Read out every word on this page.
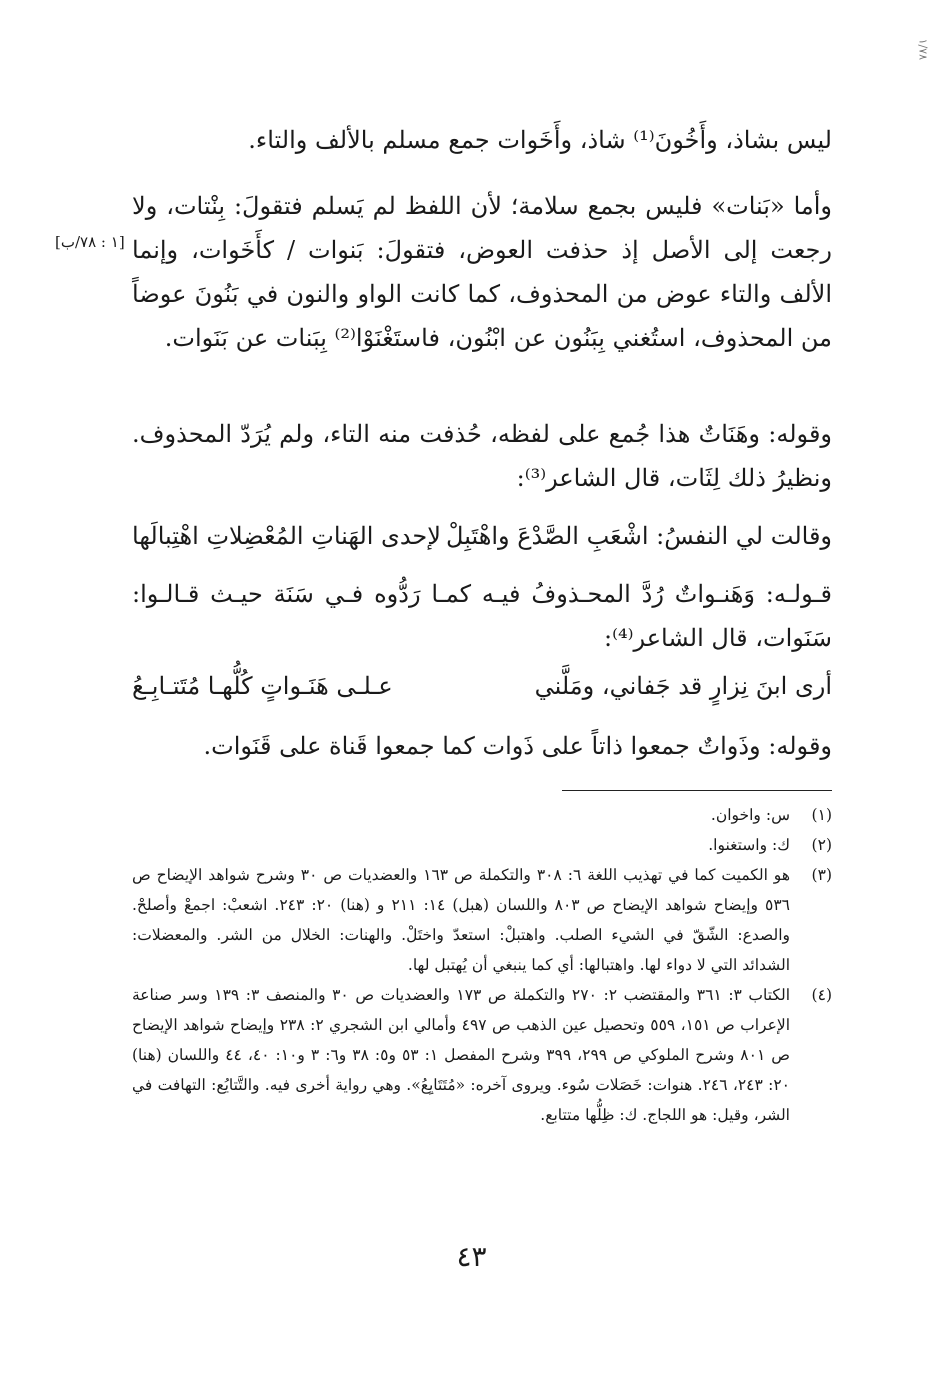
١/٧٨
[١ : ٧٨/ب]

ليس بشاذ، وأَخُونَ⁽¹⁾ شاذ، وأَخَوات جمع مسلم بالألف والتاء.

وأما «بَنات» فليس بجمع سلامة؛ لأن اللفظ لم يَسلم فتقولَ: بِنْتات، ولا رجعت إلى الأصل إذ حذفت العوض، فتقولَ: بَنوات / كأَخَوات، وإنما الألف والتاء عوض من المحذوف، كما كانت الواو والنون في بَنُونَ عوضاً من المحذوف، استُغني بِبَنُون عن ابْنُون، فاستَغْنَوْا⁽²⁾ بِبَنات عن بَنَوات.

وقوله: وهَنَاتٌ هذا جُمع على لفظه، حُذفت منه التاء، ولم يُرَدّ المحذوف. ونظيرُ ذلك لِثَات، قال الشاعر⁽³⁾:

وقالت لي النفسُ: اشْعَبِ الصَّدْعَ واهْتَبِلْ
لإحدى الهَناتِ المُعْضِلاتِ اهْتِبالَها

قـولـه: وَهَنـواتٌ رُدَّ المحـذوفُ فيـه كمـا رَدُّوه فـي سَنَة حيـث قـالـوا: سَنَوات، قال الشاعر⁽⁴⁾:

أرى ابنَ نِزارٍ قد جَفاني، ومَلَّني
عـلـى هَنَـواتٍ كُلُّهـا مُتَتـابِـعُ

وقوله: وذَواتٌ جمعوا ذاتاً على ذَوات كما جمعوا قَناة على قَنَوات.

(١)
س: واخوان.
(٢)
ك: واستغنوا.
(٣)
هو الكميت كما في تهذيب اللغة ٦: ٣٠٨ والتكملة ص ١٦٣ والعضديات ص ٣٠ وشرح شواهد الإيضاح ص ٥٣٦ وإيضاح شواهد الإيضاح ص ٨٠٣ واللسان (هبل) ١٤: ٢١١ و (هنا) ٢٠: ٢٤٣. اشعبْ: اجمعْ وأصلحْ. والصدع: الشّقّ في الشيء الصلب. واهتبلْ: استعدّ واختَلْ. والهنات: الخلال من الشر. والمعضلات: الشدائد التي لا دواء لها. واهتبالها: أي كما ينبغي أن يُهتبل لها.
(٤)
الكتاب ٣: ٣٦١ والمقتضب ٢: ٢٧٠ والتكملة ص ١٧٣ والعضديات ص ٣٠ والمنصف ٣: ١٣٩ وسر صناعة الإعراب ص ١٥١، ٥٥٩ وتحصيل عين الذهب ص ٤٩٧ وأمالي ابن الشجري ٢: ٢٣٨ وإيضاح شواهد الإيضاح ص ٨٠١ وشرح الملوكي ص ٢٩٩، ٣٩٩ وشرح المفصل ١: ٥٣ و٥: ٣٨ و٦: ٣ و١٠: ٤٠، ٤٤ واللسان (هنا) ٢٠: ٢٤٣، ٢٤٦. هنوات: خَصَلات سُوء. ويروى آخره: «مُتَتَايِعُ». وهي رواية أخرى فيه. والتَّتايُع: التهافت في الشر، وقيل: هو اللجاج. ك: ظِلُّها متتابع.
٤٣
